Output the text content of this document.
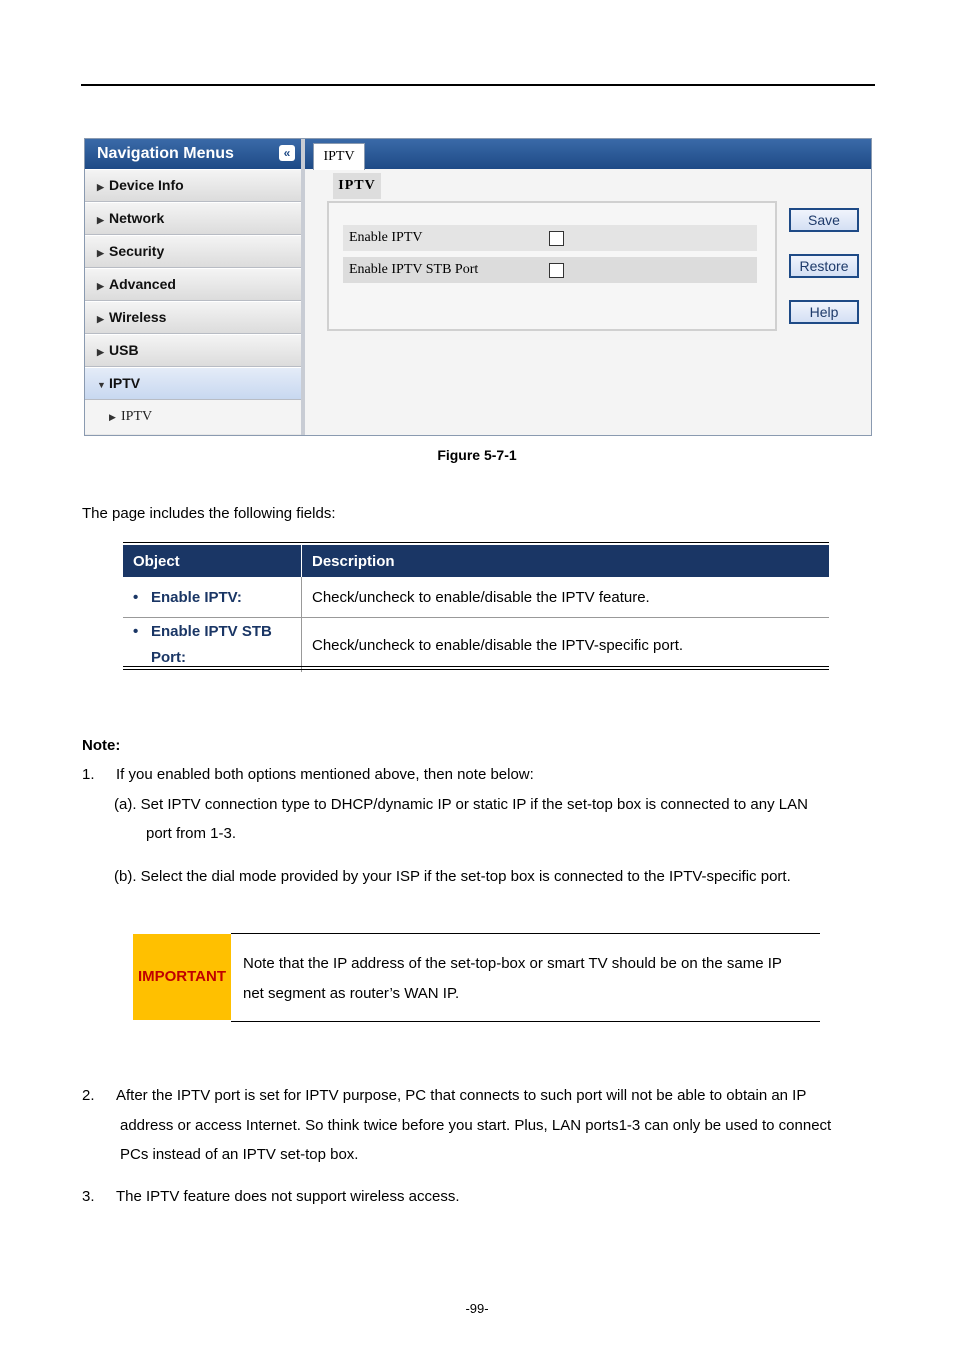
Navigation Menus	«
▶ Device Info
▶ Network
▶ Security
▶ Advanced
▶ Wireless
▶ USB
▼ IPTV
▶ IPTV
IPTV
IPTV
Enable IPTV
Enable IPTV STB Port
Save
Restore
Help
Figure 5-7-1
The page includes the following fields:
Object	Description

• Enable IPTV:	Check/uncheck to enable/disable the IPTV feature.

• Enable IPTV STB Port:	Check/uncheck to enable/disable the IPTV-specific port.
Note:
1. If you enabled both options mentioned above, then note below:
(a). Set IPTV connection type to DHCP/dynamic IP or static IP if the set-top box is connected to any LAN
port from 1-3.
(b). Select the dial mode provided by your ISP if the set-top box is connected to the IPTV-specific port.
IMPORTANT
Note that the IP address of the set-top-box or smart TV should be on the same IP
net segment as router’s WAN IP.
2. After the IPTV port is set for IPTV purpose, PC that connects to such port will not be able to obtain an IP
address or access Internet. So think twice before you start. Plus, LAN ports1-3 can only be used to connect
PCs instead of an IPTV set-top box.
3. The IPTV feature does not support wireless access.
-99-
